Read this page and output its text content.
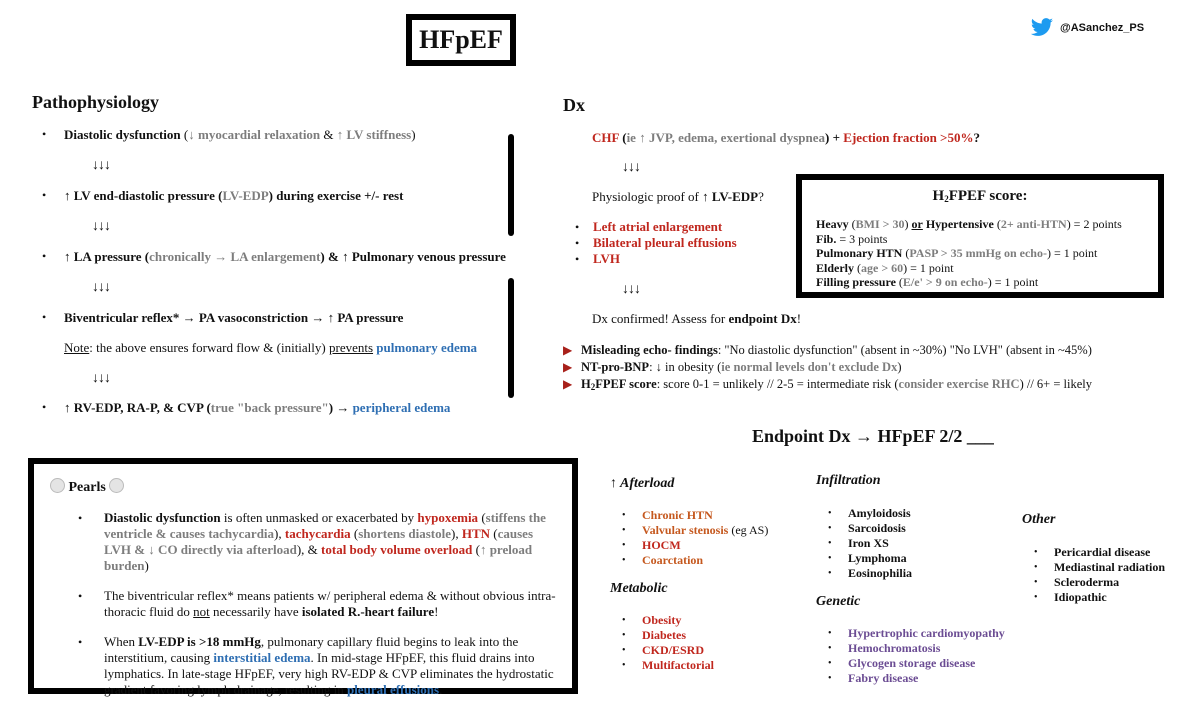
HFpEF	@ASanchez_PS
Pathophysiology
•	Diastolic dysfunction (↓ myocardial relaxation & ↑ LV stiffness)
↓↓↓
•	↑ LV end-diastolic pressure (LV-EDP) during exercise +/- rest
↓↓↓
•	↑ LA pressure (chronically → LA enlargement) & ↑ Pulmonary venous pressure
↓↓↓
•	Biventricular reflex* → PA vasoconstriction → ↑ PA pressure
Note: the above ensures forward flow & (initially) prevents pulmonary edema
↓↓↓
•	↑ RV-EDP, RA-P, & CVP (true "back pressure") → peripheral edema
Dx
CHF (ie ↑ JVP, edema, exertional dyspnea) + Ejection fraction >50%?
↓↓↓
Physiologic proof of ↑ LV-EDP?
•	Left atrial enlargement
•	Bilateral pleural effusions
•	LVH
↓↓↓
Dx confirmed! Assess for endpoint Dx!
▶ Misleading echo- findings: "No diastolic dysfunction" (absent in ~30%) "No LVH" (absent in ~45%)
▶ NT-pro-BNP: ↓ in obesity (ie normal levels don't exclude Dx)
▶ $H_2FPEF$ score: score 0-1 = unlikely // 2-5 = intermediate risk (consider exercise RHC) // 6+ = likely
$H_2FPEF$ score:
Heavy (BMI > 30) or Hypertensive (2+ anti-HTN) = 2 points
Fib. = 3 points
Pulmonary HTN (PASP > 35 mmHg on echo-) = 1 point
Elderly (age > 60) = 1 point
Filling pressure (E/e' > 9 on echo-) = 1 point
Endpoint Dx → HFpEF 2/2 ___
↑ Afterload
•	Chronic HTN
•	Valvular stenosis (eg AS)
•	HOCM
•	Coarctation
Metabolic
•	Obesity
•	Diabetes
•	CKD/ESRD
•	Multifactorial
Infiltration
•	Amyloidosis
•	Sarcoidosis
•	Iron XS
•	Lymphoma
•	Eosinophilia
Genetic
•	Hypertrophic cardiomyopathy
•	Hemochromatosis
•	Glycogen storage disease
•	Fabry disease
Other
•	Pericardial disease
•	Mediastinal radiation
•	Scleroderma
•	Idiopathic
Pearls
•	Diastolic dysfunction is often unmasked or exacerbated by hypoxemia (stiffens the ventricle & causes tachycardia), tachycardia (shortens diastole), HTN (causes LVH & ↓ CO directly via afterload), & total body volume overload (↑ preload burden)
•	The biventricular reflex* means patients w/ peripheral edema & without obvious intra-thoracic fluid do not necessarily have isolated R.-heart failure!
•	When LV-EDP is >18 mmHg, pulmonary capillary fluid begins to leak into the interstitium, causing interstitial edema. In mid-stage HFpEF, this fluid drains into lymphatics. In late-stage HFpEF, very high RV-EDP & CVP eliminates the hydrostatic gradient favoring lymph drainage, resulting in pleural effusions.
